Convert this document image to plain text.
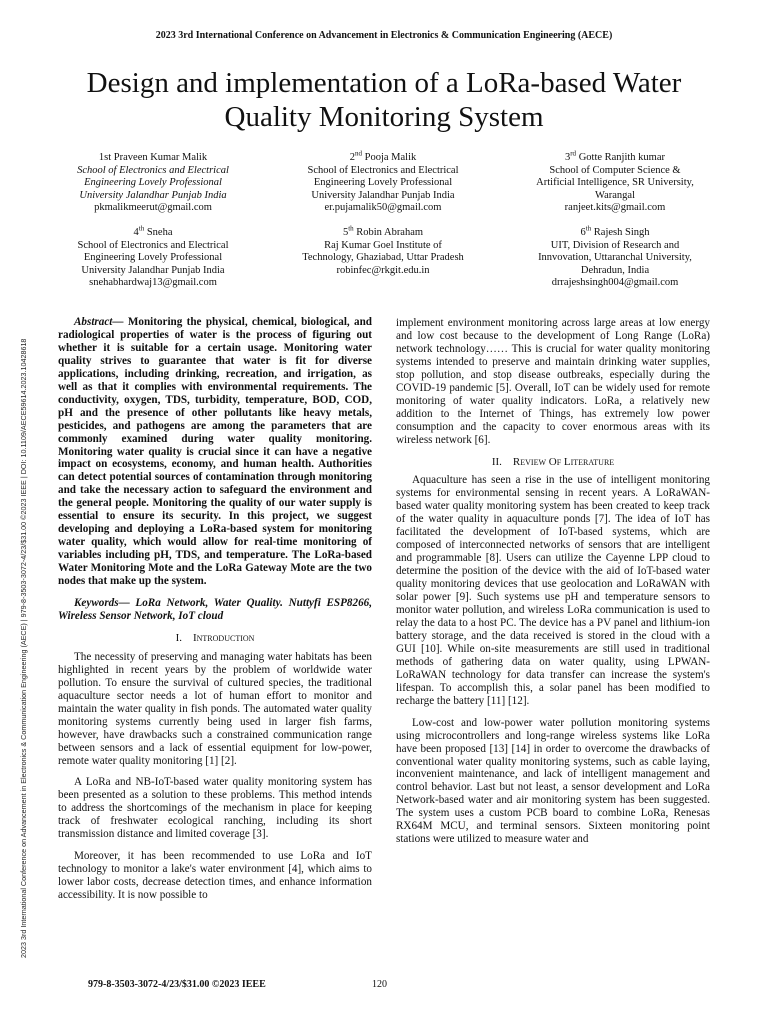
2023 3rd International Conference on Advancement in Electronics & Communication Engineering (AECE)
Design and implementation of a LoRa-based Water Quality Monitoring System
1st Praveen Kumar Malik
School of Electronics and Electrical
Engineering Lovely Professional
University Jalandhar Punjab India
pkmalikmeerut@gmail.com
2nd Pooja Malik
School of Electronics and Electrical
Engineering Lovely Professional
University Jalandhar Punjab India
er.pujamalik50@gmail.com
3rd Gotte Ranjith kumar
School of Computer Science &
Artificial Intelligence, SR University,
Warangal
ranjeet.kits@gmail.com
4th Sneha
School of Electronics and Electrical
Engineering Lovely Professional
University Jalandhar Punjab India
snehabhardwaj13@gmail.com
5th Robin Abraham
Raj Kumar Goel Institute of
Technology, Ghaziabad, Uttar Pradesh
robinfec@rkgit.edu.in
6th Rajesh Singh
UIT, Division of Research and
Innvovation, Uttaranchal University,
Dehradun, India
drrajeshsingh004@gmail.com
2023 3rd International Conference on Advancement in Electronics & Communication Engineering (AECE) | 979-8-3503-3072-4/23/$31.00 ©2023 IEEE | DOI: 10.1109/AECE59614.2023.10428618

Abstract— Monitoring the physical, chemical, biological, and radiological properties of water is the process of figuring out whether it is suitable for a certain usage. Monitoring water quality strives to guarantee that water is fit for diverse applications, including drinking, recreation, and irrigation, as well as that it complies with environmental requirements. The conductivity, oxygen, TDS, turbidity, temperature, BOD, COD, pH and the presence of other pollutants like heavy metals, pesticides, and pathogens are among the parameters that are commonly examined during water quality monitoring. Monitoring water quality is crucial since it can have a negative impact on ecosystems, economy, and human health. Authorities can detect potential sources of contamination through monitoring and take the necessary action to safeguard the environment and the general people. Monitoring the quality of our water supply is essential to ensure its security. In this project, we suggest developing and deploying a LoRa-based system for monitoring water quality, which would allow for real-time monitoring of variables including pH, TDS, and temperature. The LoRa-based Water Monitoring Mote and the LoRa Gateway Mote are the two nodes that make up the system.

Keywords— LoRa Network, Water Quality. Nuttyfi ESP8266, Wireless Sensor Network, IoT cloud

I. Introduction

The necessity of preserving and managing water habitats has been highlighted in recent years by the problem of worldwide water pollution. To ensure the survival of cultured species, the traditional aquaculture sector needs a lot of human effort to monitor and maintain the water quality in fish ponds. The automated water quality monitoring systems currently being used in larger fish farms, however, have drawbacks such a constrained communication range between sensors and a lack of essential equipment for low-power, remote water quality monitoring [1] [2].

A LoRa and NB-IoT-based water quality monitoring system has been presented as a solution to these problems. This method intends to address the shortcomings of the mechanism in place for keeping track of freshwater ecological ranching, including its short transmission distance and limited coverage [3].

Moreover, it has been recommended to use LoRa and IoT technology to monitor a lake's water environment [4], which aims to lower labor costs, decrease detection times, and enhance information accessibility. It is now possible to

implement environment monitoring across large areas at low energy and low cost because to the development of Long Range (LoRa) network technology…… This is crucial for water quality monitoring systems intended to preserve and maintain drinking water supplies, stop pollution, and stop disease outbreaks, especially during the COVID-19 pandemic [5]. Overall, IoT can be widely used for remote monitoring of water quality indicators. LoRa, a relatively new addition to the Internet of Things, has extremely low power consumption and the capacity to cover enormous areas with its wireless network [6].

II. Review Of Literature

Aquaculture has seen a rise in the use of intelligent monitoring systems for environmental sensing in recent years. A LoRaWAN-based water quality monitoring system has been created to keep track of the water quality in aquaculture ponds [7]. The idea of IoT has facilitated the development of IoT-based systems, which are composed of interconnected networks of sensors that are intelligent and programmable [8]. Users can utilize the Cayenne LPP cloud to determine the position of the device with the aid of IoT-based water quality monitoring devices that use geolocation and LoRaWAN with solar power [9]. Such systems use pH and temperature sensors to monitor water pollution, and wireless LoRa communication is used to relay the data to a host PC. The device has a PV panel and lithium-ion battery storage, and the data received is stored in the cloud with a GUI [10]. While on-site measurements are still used in traditional methods of gathering data on water quality, using LPWAN-LoRaWAN technology for data transfer can increase the system's lifespan. To accomplish this, a solar panel has been modified to recharge the battery [11] [12].

Low-cost and low-power water pollution monitoring systems using microcontrollers and long-range wireless systems like LoRa have been proposed [13] [14] in order to overcome the drawbacks of conventional water quality monitoring systems, such as cable laying, inconvenient maintenance, and lack of intelligent management and control behavior. Last but not least, a sensor development and LoRa Network-based water and air monitoring system has been suggested. The system uses a custom PCB board to combine LoRa, Renesas RX64M MCU, and terminal sensors. Sixteen monitoring point stations were utilized to measure water and

979-8-3503-3072-4/23/$31.00 ©2023 IEEE	120
